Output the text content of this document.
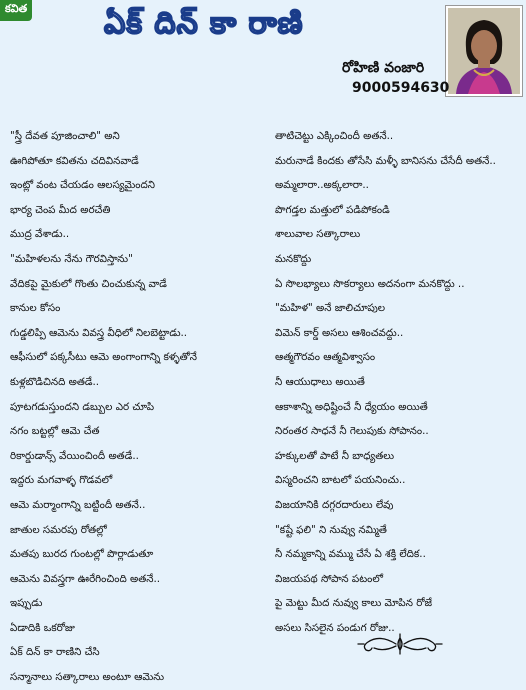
కవిత	ఏక్ దిన్ కా రాణి
రోహిణి వంజారి
9000594630
"స్త్రీ దేవత పూజించాలి" అని
ఊగిపోతూ కవితను చదివినవాడే
ఇంట్లో వంట చేయడం ఆలస్యమైందని
భార్య చెంప మీద అరచేతి
ముద్ర వేశాడు..
"మహిళలను నేను గౌరవిస్తాను"
వేదికపై మైకులో గొంతు చించుకున్న వాడే
కానుల కోసం
గుడ్డలిప్పి ఆమెను వివస్త్ర వీధిలో నిలబెట్టాడు..
ఆఫీసులో పక్కసీటు ఆమె అంగాంగాన్ని కళ్ళతోనే
కుళ్లబొడిచినది అతడే..
పూటగడుస్తుందని డబ్బుల ఎర చూపి
నగం బట్టల్లో ఆమె చేత
రికార్డుడాన్స్ వేయించిందీ అతడే..
ఇద్దరు మగవాళ్ళ గొడవలో
ఆమె మర్మాంగాన్ని బట్టిందీ అతనే..
జాతుల సమరపు రోతల్లో
మతపు బురద గుంటల్లో పొర్లాడుతూ
ఆమెను వివస్త్రగా ఊరేగించింది అతనే..
ఇప్పుడు
ఏడాదికి ఒకరోజు
ఏక్ దిన్ కా రాణిని చేసి
సన్మానాలు సత్కారాలు అంటూ ఆమెను
తాటిచెట్టు ఎక్కించిందీ అతనే..
మరునాడే కిందకు తోసేసి మళ్ళీ బానిసను చేసేదీ అతనే..
అమ్మలారా..అక్కలారా..
పొగడ్తల మత్తులో పడిపోకండి
శాలువాల సత్కారాలు
మనకొద్దు
ఏ సొలభ్యాలు సొకర్యాలు అదనంగా మనకొద్దు ..
"మహిళ" అనే జాలిచూపుల
విమెన్ కార్డ్ అసలు ఆశించవద్దు..
ఆత్మగౌరవం ఆత్మవిశ్వాసం
నీ ఆయుధాలు అయితే
ఆకాశాన్ని అధిష్టించే నీ ధ్యేయం అయితే
నిరంతర సాధనే నీ గెలుపుకు సోపానం..
హక్కులతో పాటే నీ బాధ్యతలు
విస్మరించని బాటలో పయనించు..
విజయానికి దగ్గరదారులు లేవు
"కష్టే ఫలి" ని నువ్వు నమ్మితే
నీ నమ్మకాన్ని వమ్ము చేసే ఏ శక్తి లేదిక..
విజయపథ సోపాన పటంలో
పై మెట్టు మీద నువ్వు కాలు మోపిన రోజే
అసలు సిసలైన పండుగ రోజు..
